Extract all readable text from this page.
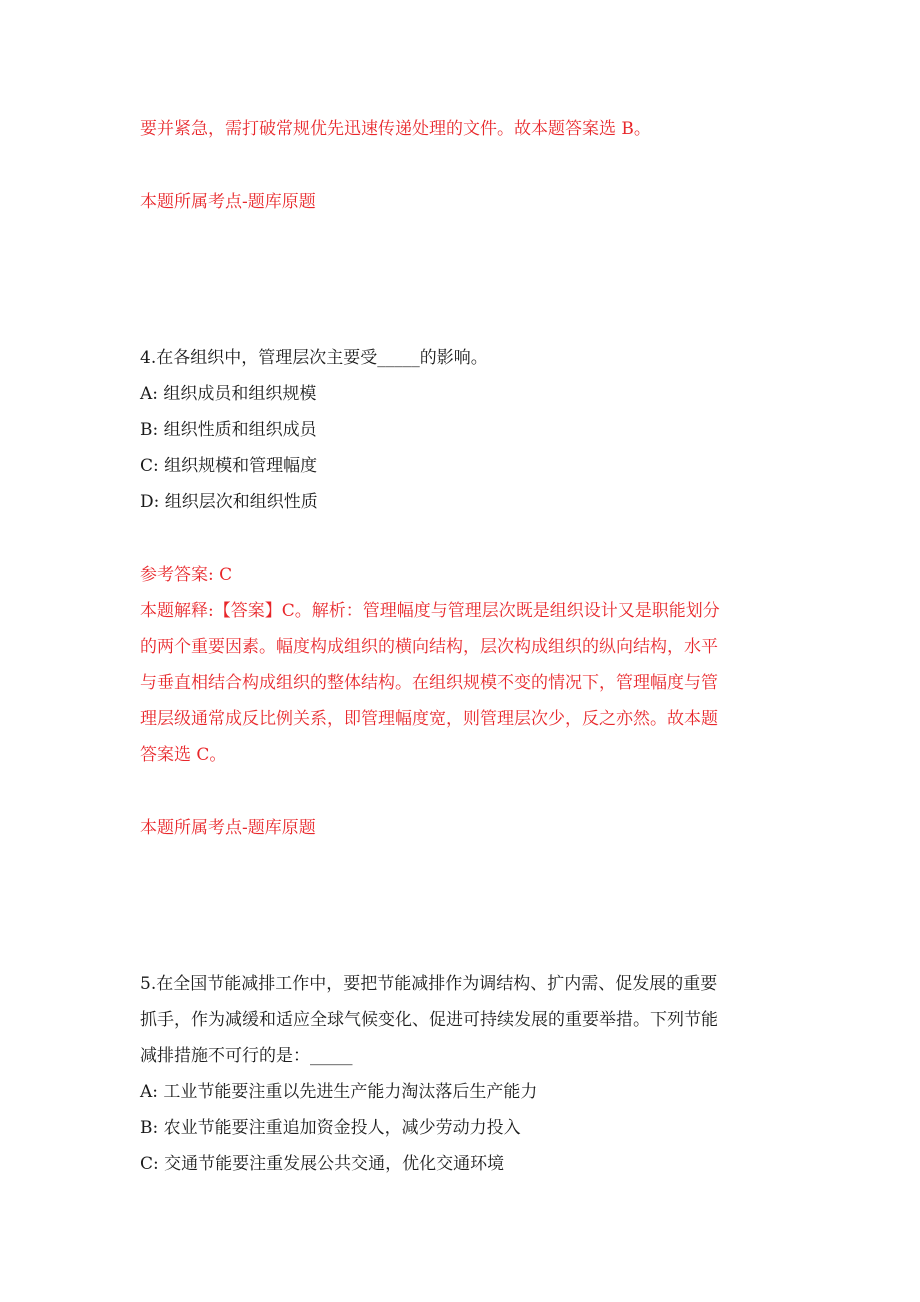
要并紧急，需打破常规优先迅速传递处理的文件。故本题答案选 B。
本题所属考点-题库原题
4.在各组织中，管理层次主要受_____的影响。
A: 组织成员和组织规模
B: 组织性质和组织成员
C: 组织规模和管理幅度
D: 组织层次和组织性质
参考答案: C
本题解释:【答案】C。解析：管理幅度与管理层次既是组织设计又是职能划分
的两个重要因素。幅度构成组织的横向结构，层次构成组织的纵向结构，水平
与垂直相结合构成组织的整体结构。在组织规模不变的情况下，管理幅度与管
理层级通常成反比例关系，即管理幅度宽，则管理层次少，反之亦然。故本题
答案选 C。
本题所属考点-题库原题
5.在全国节能减排工作中，要把节能减排作为调结构、扩内需、促发展的重要
抓手，作为减缓和适应全球气候变化、促进可持续发展的重要举措。下列节能
减排措施不可行的是：_____
A: 工业节能要注重以先进生产能力淘汰落后生产能力
B: 农业节能要注重追加资金投人，减少劳动力投入
C: 交通节能要注重发展公共交通，优化交通环境
